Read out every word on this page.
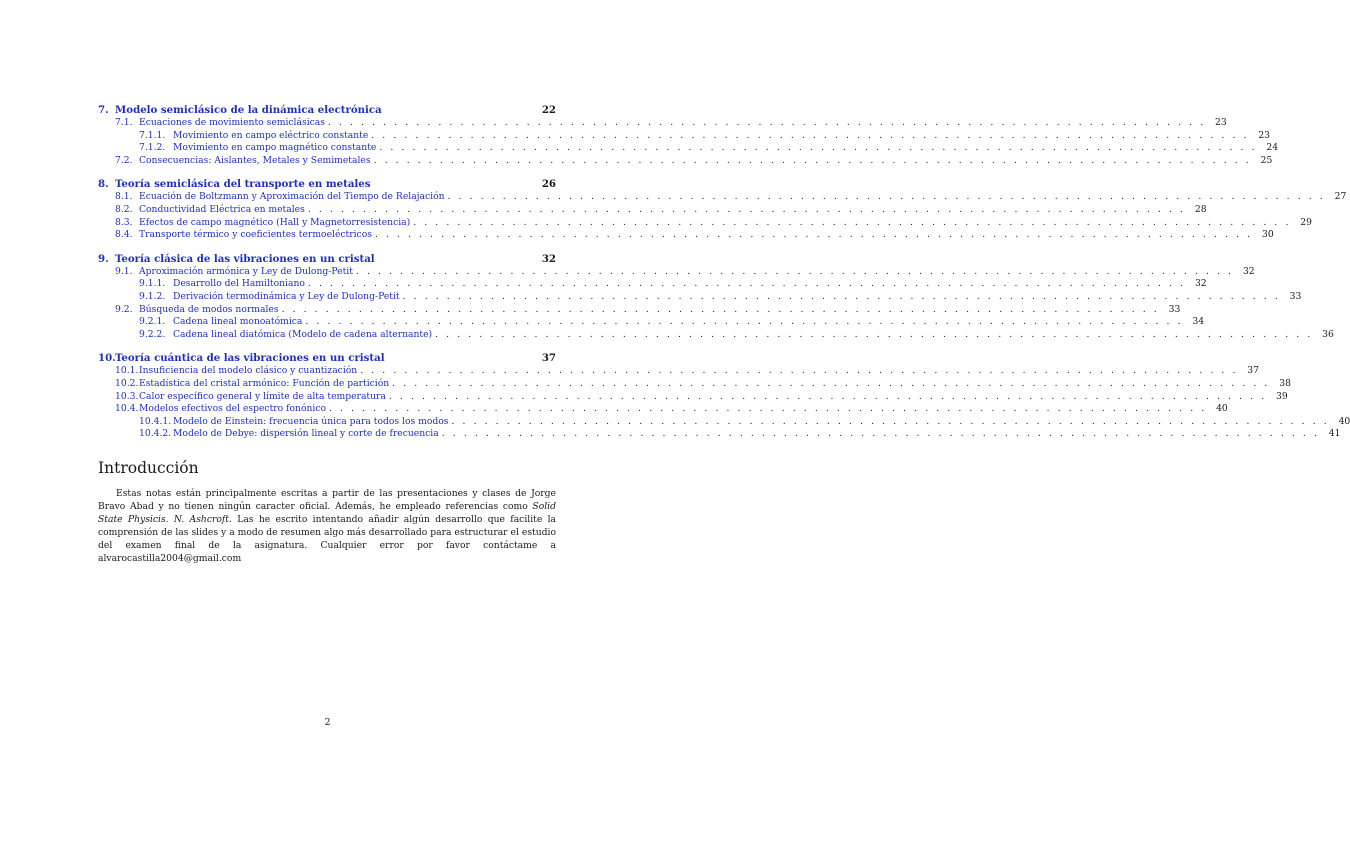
7. Modelo semiclásico de la dinámica electrónica	22
7.1. Ecuaciones de movimiento semiclásicas . . . . . . . . . . . . . . . . . . . . . . . . . . . . . . . . . . . . . . . . . . . . . . . . . . . . . . . . . . . . . . . . . . . . . . . . . . . . . . . .	23
7.1.1. Movimiento en campo eléctrico constante . . . . . . . . . . . . . . . . . . . . . . . . . . . . . . . . . . . . . . . . . . . . . . . . . . . . . . . . . . . . . . . . . . . . . . . . . . . . . . . .	23
7.1.2. Movimiento en campo magnético constante . . . . . . . . . . . . . . . . . . . . . . . . . . . . . . . . . . . . . . . . . . . . . . . . . . . . . . . . . . . . . . . . . . . . . . . . . . . . . . . .	24
7.2. Consecuencias: Aislantes, Metales y Semimetales . . . . . . . . . . . . . . . . . . . . . . . . . . . . . . . . . . . . . . . . . . . . . . . . . . . . . . . . . . . . . . . . . . . . . . . . . . . . . . . .	25
8. Teoría semiclásica del transporte en metales	26
8.1. Ecuación de Boltzmann y Aproximación del Tiempo de Relajación . . . . . . . . . . . . . . . . . . . . . . . . . . . . . . . . . . . . . . . . . . . . . . . . . . . . . . . . . . . . . . . . . . . . . . . . . . . . . . . .	27
8.2. Conductividad Eléctrica en metales . . . . . . . . . . . . . . . . . . . . . . . . . . . . . . . . . . . . . . . . . . . . . . . . . . . . . . . . . . . . . . . . . . . . . . . . . . . . . . . .	28
8.3. Efectos de campo magnético (Hall y Magnetorresistencia) . . . . . . . . . . . . . . . . . . . . . . . . . . . . . . . . . . . . . . . . . . . . . . . . . . . . . . . . . . . . . . . . . . . . . . . . . . . . . . . .	29
8.4. Transporte térmico y coeficientes termoeléctricos . . . . . . . . . . . . . . . . . . . . . . . . . . . . . . . . . . . . . . . . . . . . . . . . . . . . . . . . . . . . . . . . . . . . . . . . . . . . . . . .	30
9. Teoría clásica de las vibraciones en un cristal	32
9.1. Aproximación armónica y Ley de Dulong-Petit . . . . . . . . . . . . . . . . . . . . . . . . . . . . . . . . . . . . . . . . . . . . . . . . . . . . . . . . . . . . . . . . . . . . . . . . . . . . . . . .	32
9.1.1. Desarrollo del Hamiltoniano . . . . . . . . . . . . . . . . . . . . . . . . . . . . . . . . . . . . . . . . . . . . . . . . . . . . . . . . . . . . . . . . . . . . . . . . . . . . . . . .	32
9.1.2. Derivación termodinámica y Ley de Dulong-Petit . . . . . . . . . . . . . . . . . . . . . . . . . . . . . . . . . . . . . . . . . . . . . . . . . . . . . . . . . . . . . . . . . . . . . . . . . . . . . . . .	33
9.2. Búsqueda de modos normales . . . . . . . . . . . . . . . . . . . . . . . . . . . . . . . . . . . . . . . . . . . . . . . . . . . . . . . . . . . . . . . . . . . . . . . . . . . . . . . .	33
9.2.1. Cadena lineal monoatómica . . . . . . . . . . . . . . . . . . . . . . . . . . . . . . . . . . . . . . . . . . . . . . . . . . . . . . . . . . . . . . . . . . . . . . . . . . . . . . . .	34
9.2.2. Cadena lineal diatómica (Modelo de cadena alternante) . . . . . . . . . . . . . . . . . . . . . . . . . . . . . . . . . . . . . . . . . . . . . . . . . . . . . . . . . . . . . . . . . . . . . . . . . . . . . . . .	36
10. Teoría cuántica de las vibraciones en un cristal	37
10.1. Insuficiencia del modelo clásico y cuantización . . . . . . . . . . . . . . . . . . . . . . . . . . . . . . . . . . . . . . . . . . . . . . . . . . . . . . . . . . . . . . . . . . . . . . . . . . . . . . . .	37
10.2. Estadística del cristal armónico: Función de partición . . . . . . . . . . . . . . . . . . . . . . . . . . . . . . . . . . . . . . . . . . . . . . . . . . . . . . . . . . . . . . . . . . . . . . . . . . . . . . . .	38
10.3. Calor específico general y límite de alta temperatura . . . . . . . . . . . . . . . . . . . . . . . . . . . . . . . . . . . . . . . . . . . . . . . . . . . . . . . . . . . . . . . . . . . . . . . . . . . . . . . .	39
10.4. Modelos efectivos del espectro fonónico . . . . . . . . . . . . . . . . . . . . . . . . . . . . . . . . . . . . . . . . . . . . . . . . . . . . . . . . . . . . . . . . . . . . . . . . . . . . . . . .	40
10.4.1. Modelo de Einstein: frecuencia única para todos los modos . . . . . . . . . . . . . . . . . . . . . . . . . . . . . . . . . . . . . . . . . . . . . . . . . . . . . . . . . . . . . . . . . . . . . . . . . . . . . . . .	40
10.4.2. Modelo de Debye: dispersión lineal y corte de frecuencia . . . . . . . . . . . . . . . . . . . . . . . . . . . . . . . . . . . . . . . . . . . . . . . . . . . . . . . . . . . . . . . . . . . . . . . . . . . . . . . .	41
Introducción

Estas notas están principalmente escritas a partir de las presentaciones y clases de Jorge Bravo Abad y no tienen ningún caracter oficial. Además, he empleado referencias como Solid State Physicis. N. Ashcroft. Las he escrito intentando añadir algún desarrollo que facilite la comprensión de las slides y a modo de resumen algo más desarrollado para estructurar el estudio del examen final de la asignatura. Cualquier error por favor contáctame a alvarocastilla2004@gmail.com

2
